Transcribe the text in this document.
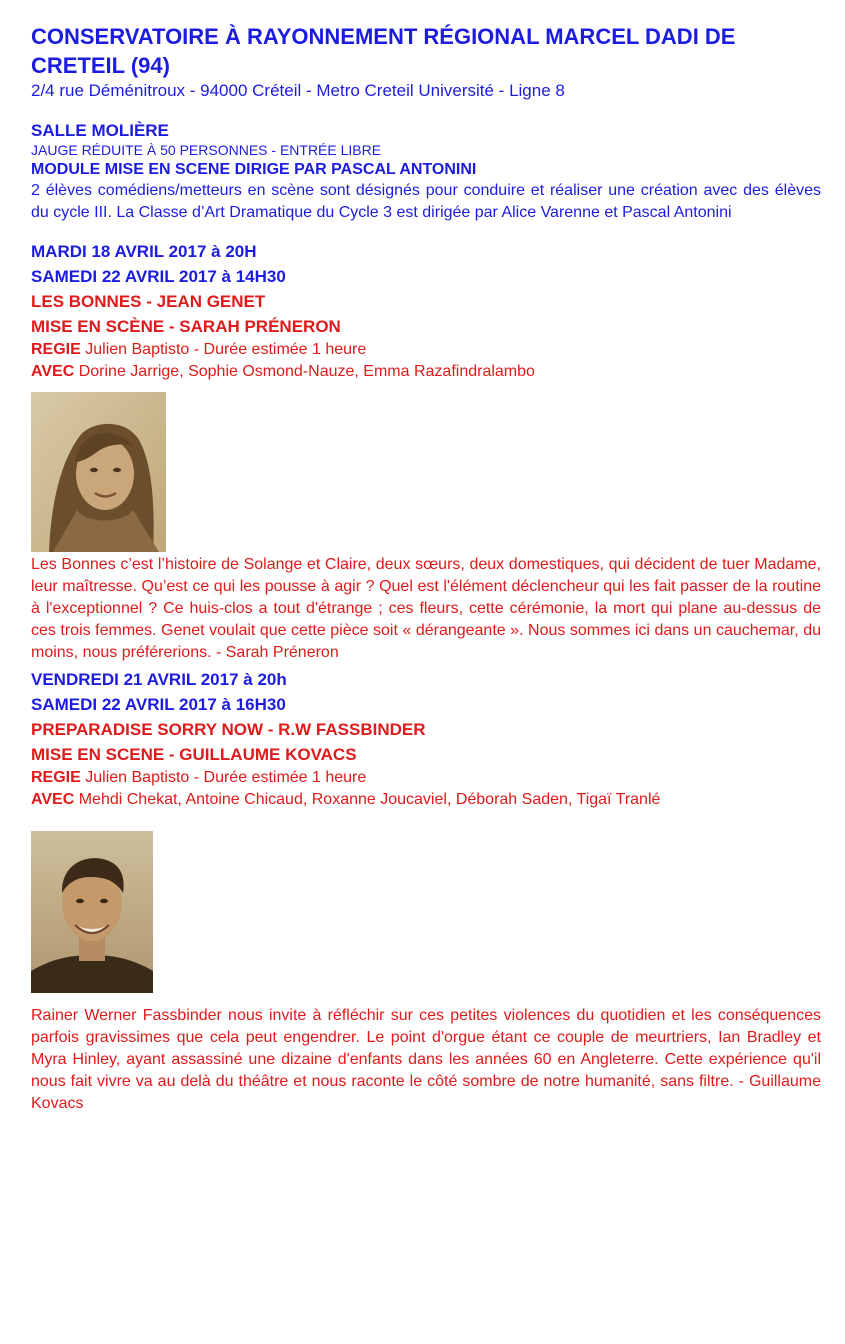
CONSERVATOIRE À RAYONNEMENT RÉGIONAL MARCEL DADI DE CRETEIL (94)

2/4 rue Déménitroux - 94000 Créteil - Metro Creteil Université - Ligne 8

SALLE MOLIÈRE

JAUGE RÉDUITE À 50 PERSONNES - ENTRÉE LIBRE

MODULE MISE EN SCENE DIRIGE PAR PASCAL ANTONINI

2 élèves comédiens/metteurs en scène sont désignés pour conduire et réaliser une création avec des élèves du cycle III. La Classe d’Art Dramatique du Cycle 3 est dirigée par Alice Varenne et Pascal Antonini

MARDI 18 AVRIL 2017 à 20H

SAMEDI 22 AVRIL 2017 à 14H30

LES BONNES - JEAN GENET

MISE EN SCÈNE - SARAH PRÉNERON

REGIE Julien Baptisto - Durée estimée 1 heure

AVEC Dorine Jarrige, Sophie Osmond-Nauze, Emma Razafindralambo

Les Bonnes c’est l’histoire de Solange et Claire, deux sœurs, deux domestiques, qui décident de tuer Madame, leur maîtresse. Qu’est ce qui les pousse à agir ? Quel est l'élément déclencheur qui les fait passer de la routine à l'exceptionnel ? Ce huis-clos a tout d'étrange ; ces fleurs, cette cérémonie, la mort qui plane au-dessus de ces trois femmes. Genet voulait que cette pièce soit « dérangeante ». Nous sommes ici dans un cauchemar, du moins, nous préférerions. - Sarah Préneron

VENDREDI 21 AVRIL 2017 à 20h

SAMEDI 22 AVRIL 2017 à 16H30

PREPARADISE SORRY NOW - R.W FASSBINDER

MISE EN SCENE - GUILLAUME KOVACS

REGIE Julien Baptisto - Durée estimée 1 heure

AVEC Mehdi Chekat, Antoine Chicaud, Roxanne Joucaviel, Déborah Saden, Tigaï Tranlé

Rainer Werner Fassbinder nous invite à réfléchir sur ces petites violences du quotidien et les conséquences parfois gravissimes que cela peut engendrer. Le point d'orgue étant ce couple de meurtriers, Ian Bradley et Myra Hinley, ayant assassiné une dizaine d'enfants dans les années 60 en Angleterre. Cette expérience qu'il nous fait vivre va au delà du théâtre et nous raconte le côté sombre de notre humanité, sans filtre. - Guillaume Kovacs
